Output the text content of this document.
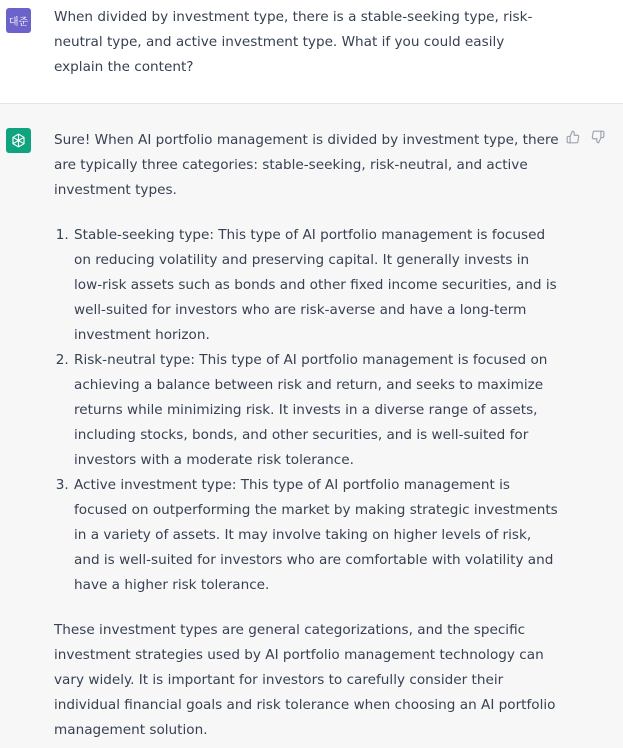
대준 When divided by investment type, there is a stable-seeking type, risk-neutral type, and active investment type. What if you could easily explain the content?

Sure! When AI portfolio management is divided by investment type, there are typically three categories: stable-seeking, risk-neutral, and active investment types.

1. Stable-seeking type: This type of AI portfolio management is focused on reducing volatility and preserving capital. It generally invests in low-risk assets such as bonds and other fixed income securities, and is well-suited for investors who are risk-averse and have a long-term investment horizon.
2. Risk-neutral type: This type of AI portfolio management is focused on achieving a balance between risk and return, and seeks to maximize returns while minimizing risk. It invests in a diverse range of assets, including stocks, bonds, and other securities, and is well-suited for investors with a moderate risk tolerance.
3. Active investment type: This type of AI portfolio management is focused on outperforming the market by making strategic investments in a variety of assets. It may involve taking on higher levels of risk, and is well-suited for investors who are comfortable with volatility and have a higher risk tolerance.

These investment types are general categorizations, and the specific investment strategies used by AI portfolio management technology can vary widely. It is important for investors to carefully consider their individual financial goals and risk tolerance when choosing an AI portfolio management solution.
